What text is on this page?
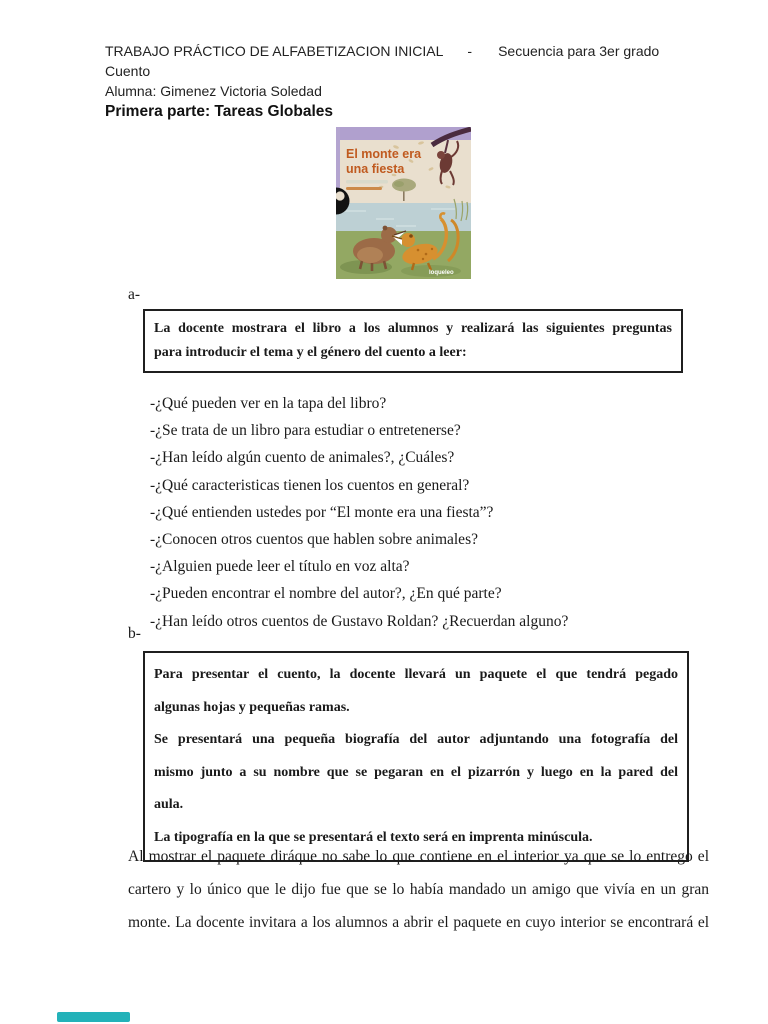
TRABAJO PRÁCTICO DE ALFABETIZACION INICIAL - Secuencia para 3er grado
Cuento
Alumna: Gimenez Victoria Soledad
Primera parte: Tareas Globales
El monte era
una fiesta
loqueleo
a-
La docente mostrara el libro a los alumnos y realizará las siguientes preguntas
para introducir el tema y el género del cuento a leer:
-¿Qué pueden ver en la tapa del libro?
-¿Se trata de un libro para estudiar o entretenerse?
-¿Han leído algún cuento de animales?, ¿Cuáles?
-¿Qué caracteristicas tienen los cuentos en general?
-¿Qué entienden ustedes por “El monte era una fiesta”?
-¿Conocen otros cuentos que hablen sobre animales?
-¿Alguien puede leer el título en voz alta?
-¿Pueden encontrar el nombre del autor?, ¿En qué parte?
-¿Han leído otros cuentos de Gustavo Roldan? ¿Recuerdan alguno?
b-
Para presentar el cuento, la docente llevará un paquete el que tendrá pegado
algunas hojas y pequeñas ramas.
Se presentará una pequeña biografía del autor adjuntando una fotografía del
mismo junto a su nombre que se pegaran en el pizarrón y luego en la pared del
aula.
La tipografía en la que se presentará el texto será en imprenta minúscula.
Al mostrar el paquete diráque no sabe lo que contiene en el interior ya que se lo entrego el
cartero y lo único que le dijo fue que se lo había mandado un amigo que vivía en un gran
monte. La docente invitara a los alumnos a abrir el paquete en cuyo interior se encontrará el
